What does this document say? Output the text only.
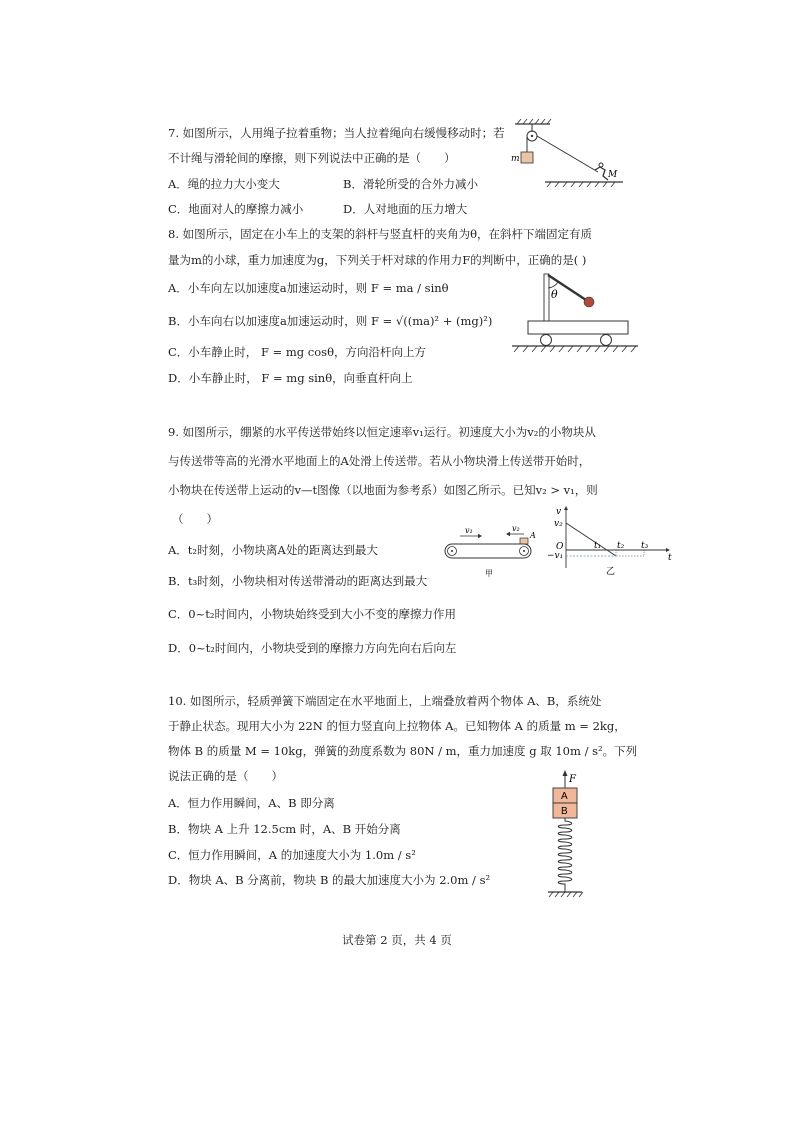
7. 如图所示，人用绳子拉着重物；当人拉着绳向右缓慢移动时；若
不计绳与滑轮间的摩擦，则下列说法中正确的是（　　）
A．绳的拉力大小变大	B．滑轮所受的合外力减小
C．地面对人的摩擦力减小	D．人对地面的压力增大
m
M
8. 如图所示，固定在小车上的支架的斜杆与竖直杆的夹角为θ，在斜杆下端固定有质
量为m的小球，重力加速度为g，下列关于杆对球的作用力F的判断中，正确的是( )
A．小车向左以加速度a加速运动时，则 F = ma / sinθ
B．小车向右以加速度a加速运动时，则 F = √((ma)² + (mg)²)
C．小车静止时， F = mg cosθ，方向沿杆向上方
D．小车静止时， F = mg sinθ，向垂直杆向上
θ
9. 如图所示，绷紧的水平传送带始终以恒定速率v₁运行。初速度大小为v₂的小物块从
与传送带等高的光滑水平地面上的A处滑上传送带。若从小物块滑上传送带开始时，
小物块在传送带上运动的v—t图像（以地面为参考系）如图乙所示。已知v₂ > v₁，则
（　　）
A．t₂时刻，小物块离A处的距离达到最大
B．t₃时刻，小物块相对传送带滑动的距离达到最大
C．0~t₂时间内，小物块始终受到大小不变的摩擦力作用
D．0~t₂时间内，小物块受到的摩擦力方向先向右后向左
v₁	v₂
A
甲
v
O
t
v₂
−v₁
t₁ t₂ t₃
乙
10. 如图所示，轻质弹簧下端固定在水平地面上，上端叠放着两个物体 A、B，系统处
于静止状态。现用大小为 22N 的恒力竖直向上拉物体 A。已知物体 A 的质量 m = 2kg，
物体 B 的质量 M = 10kg，弹簧的劲度系数为 80N / m，重力加速度 g 取 10m / s²。下列
说法正确的是（　　）
A．恒力作用瞬间，A、B 即分离
B．物块 A 上升 12.5cm 时，A、B 开始分离
C．恒力作用瞬间，A 的加速度大小为 1.0m / s²
D．物块 A、B 分离前，物块 B 的最大加速度大小为 2.0m / s²
F
A
B
试卷第 2 页，共 4 页
